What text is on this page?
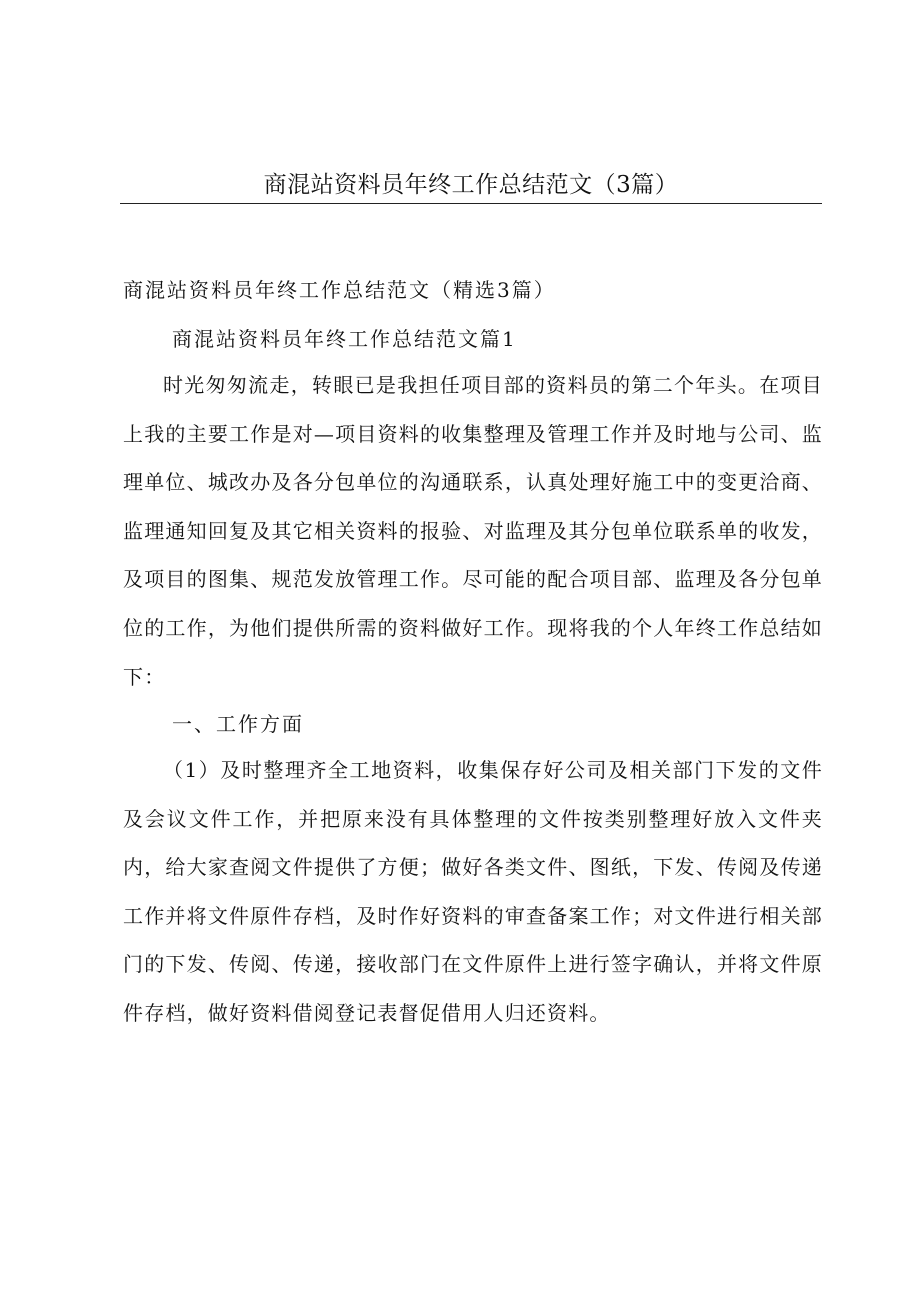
商混站资料员年终工作总结范文（3篇）
商混站资料员年终工作总结范文（精选3篇）
商混站资料员年终工作总结范文篇1

时光匆匆流走，转眼已是我担任项目部的资料员的第二个年头。在项目上我的主要工作是对—项目资料的收集整理及管理工作并及时地与公司、监理单位、城改办及各分包单位的沟通联系，认真处理好施工中的变更洽商、监理通知回复及其它相关资料的报验、对监理及其分包单位联系单的收发，及项目的图集、规范发放管理工作。尽可能的配合项目部、监理及各分包单位的工作，为他们提供所需的资料做好工作。现将我的个人年终工作总结如下：

一、工作方面

（1）及时整理齐全工地资料，收集保存好公司及相关部门下发的文件及会议文件工作，并把原来没有具体整理的文件按类别整理好放入文件夹内，给大家查阅文件提供了方便；做好各类文件、图纸，下发、传阅及传递工作并将文件原件存档，及时作好资料的审查备案工作；对文件进行相关部门的下发、传阅、传递，接收部门在文件原件上进行签字确认，并将文件原件存档，做好资料借阅登记表督促借用人归还资料。
